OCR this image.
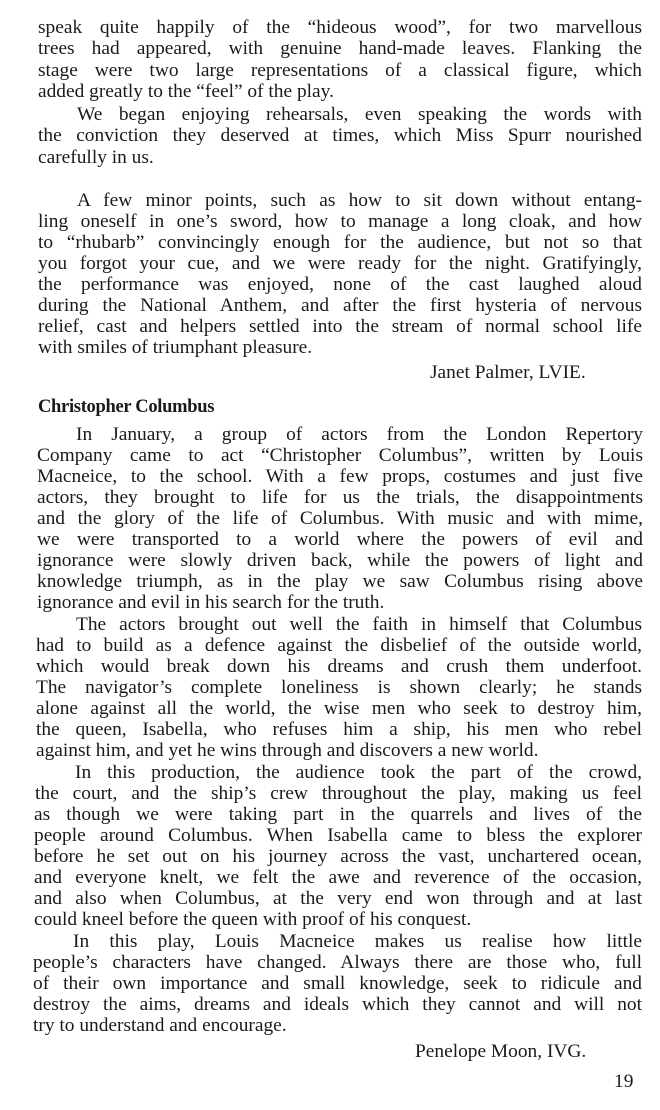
speak quite happily of the “hideous wood”, for two marvellous
trees had appeared, with genuine hand-made leaves. Flanking the
stage were two large representations of a classical figure, which
added greatly to the “feel” of the play.
We began enjoying rehearsals, even speaking the words with
the conviction they deserved at times, which Miss Spurr nourished
carefully in us.
A few minor points, such as how to sit down without entang-
ling oneself in one’s sword, how to manage a long cloak, and how
to “rhubarb” convincingly enough for the audience, but not so that
you forgot your cue, and we were ready for the night. Gratifyingly,
the performance was enjoyed, none of the cast laughed aloud
during the National Anthem, and after the first hysteria of nervous
relief, cast and helpers settled into the stream of normal school life
with smiles of triumphant pleasure.
Janet Palmer, LVIE.
Christopher Columbus
In January, a group of actors from the London Repertory
Company came to act “Christopher Columbus”, written by Louis
Macneice, to the school. With a few props, costumes and just five
actors, they brought to life for us the trials, the disappointments
and the glory of the life of Columbus. With music and with mime,
we were transported to a world where the powers of evil and
ignorance were slowly driven back, while the powers of light and
knowledge triumph, as in the play we saw Columbus rising above
ignorance and evil in his search for the truth.
The actors brought out well the faith in himself that Columbus
had to build as a defence against the disbelief of the outside world,
which would break down his dreams and crush them underfoot.
The navigator’s complete loneliness is shown clearly; he stands
alone against all the world, the wise men who seek to destroy him,
the queen, Isabella, who refuses him a ship, his men who rebel
against him, and yet he wins through and discovers a new world.
In this production, the audience took the part of the crowd,
the court, and the ship’s crew throughout the play, making us feel
as though we were taking part in the quarrels and lives of the
people around Columbus. When Isabella came to bless the explorer
before he set out on his journey across the vast, unchartered ocean,
and everyone knelt, we felt the awe and reverence of the occasion,
and also when Columbus, at the very end won through and at last
could kneel before the queen with proof of his conquest.
In this play, Louis Macneice makes us realise how little
people’s characters have changed. Always there are those who, full
of their own importance and small knowledge, seek to ridicule and
destroy the aims, dreams and ideals which they cannot and will not
try to understand and encourage.
Penelope Moon, IVG.
19
